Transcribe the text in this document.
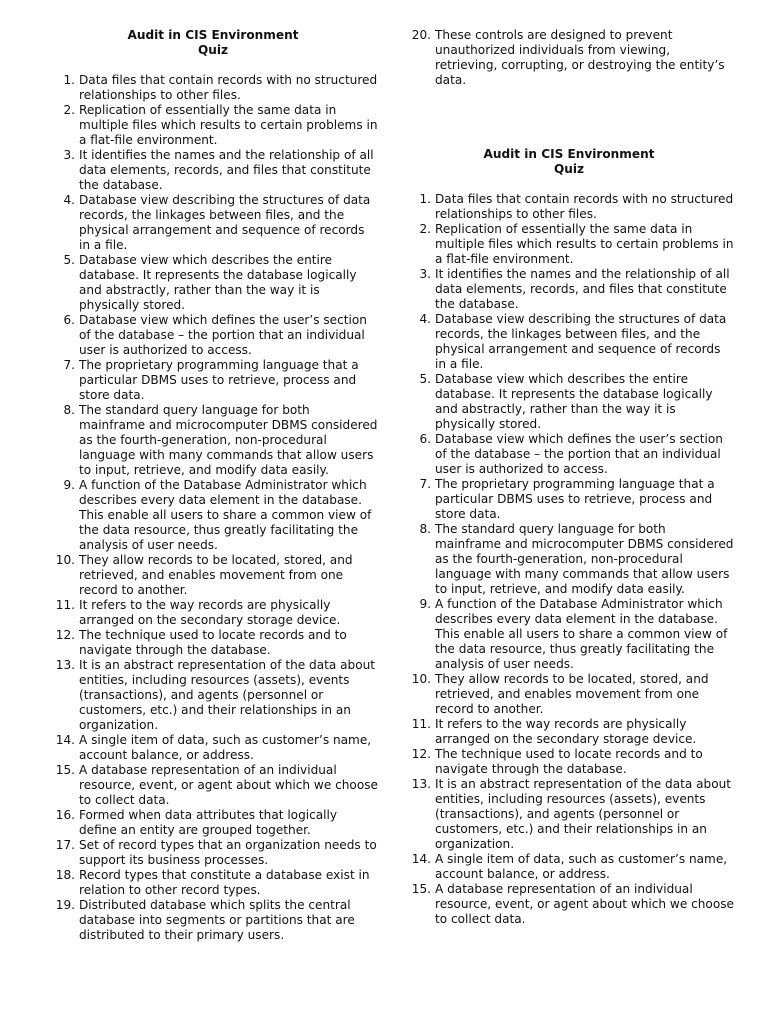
Audit in CIS Environment
Quiz
1. Data files that contain records with no structured relationships to other files.
2. Replication of essentially the same data in multiple files which results to certain problems in a flat-file environment.
3. It identifies the names and the relationship of all data elements, records, and files that constitute the database.
4. Database view describing the structures of data records, the linkages between files, and the physical arrangement and sequence of records in a file.
5. Database view which describes the entire database. It represents the database logically and abstractly, rather than the way it is physically stored.
6. Database view which defines the user’s section of the database – the portion that an individual user is authorized to access.
7. The proprietary programming language that a particular DBMS uses to retrieve, process and store data.
8. The standard query language for both mainframe and microcomputer DBMS considered as the fourth-generation, non-procedural language with many commands that allow users to input, retrieve, and modify data easily.
9. A function of the Database Administrator which describes every data element in the database. This enable all users to share a common view of the data resource, thus greatly facilitating the analysis of user needs.
10. They allow records to be located, stored, and retrieved, and enables movement from one record to another.
11. It refers to the way records are physically arranged on the secondary storage device.
12. The technique used to locate records and to navigate through the database.
13. It is an abstract representation of the data about entities, including resources (assets), events (transactions), and agents (personnel or customers, etc.) and their relationships in an organization.
14. A single item of data, such as customer’s name, account balance, or address.
15. A database representation of an individual resource, event, or agent about which we choose to collect data.
16. Formed when data attributes that logically define an entity are grouped together.
17. Set of record types that an organization needs to support its business processes.
18. Record types that constitute a database exist in relation to other record types.
19. Distributed database which splits the central database into segments or partitions that are distributed to their primary users.
20. These controls are designed to prevent unauthorized individuals from viewing, retrieving, corrupting, or destroying the entity’s data.
Audit in CIS Environment
Quiz
1. Data files that contain records with no structured relationships to other files.
2. Replication of essentially the same data in multiple files which results to certain problems in a flat-file environment.
3. It identifies the names and the relationship of all data elements, records, and files that constitute the database.
4. Database view describing the structures of data records, the linkages between files, and the physical arrangement and sequence of records in a file.
5. Database view which describes the entire database. It represents the database logically and abstractly, rather than the way it is physically stored.
6. Database view which defines the user’s section of the database – the portion that an individual user is authorized to access.
7. The proprietary programming language that a particular DBMS uses to retrieve, process and store data.
8. The standard query language for both mainframe and microcomputer DBMS considered as the fourth-generation, non-procedural language with many commands that allow users to input, retrieve, and modify data easily.
9. A function of the Database Administrator which describes every data element in the database. This enable all users to share a common view of the data resource, thus greatly facilitating the analysis of user needs.
10. They allow records to be located, stored, and retrieved, and enables movement from one record to another.
11. It refers to the way records are physically arranged on the secondary storage device.
12. The technique used to locate records and to navigate through the database.
13. It is an abstract representation of the data about entities, including resources (assets), events (transactions), and agents (personnel or customers, etc.) and their relationships in an organization.
14. A single item of data, such as customer’s name, account balance, or address.
15. A database representation of an individual resource, event, or agent about which we choose to collect data.
